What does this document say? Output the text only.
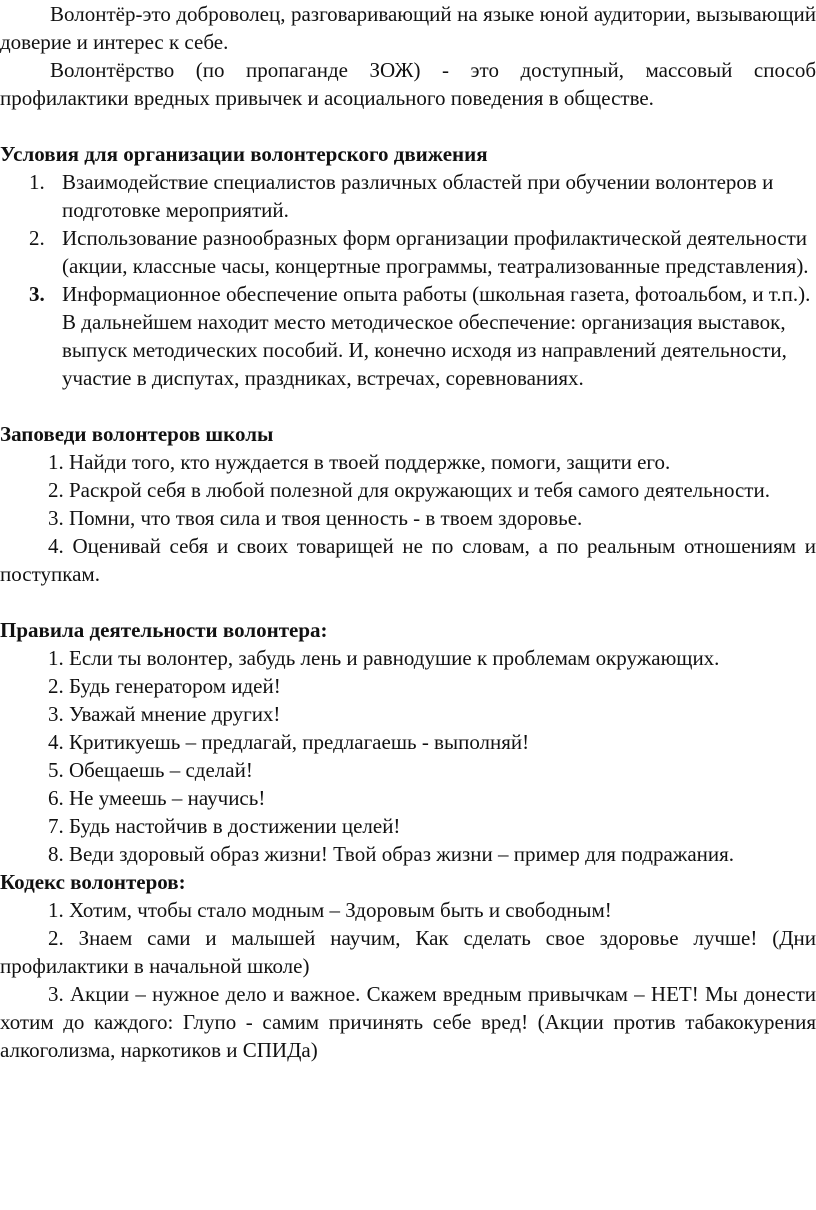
Волонтёр-это доброволец, разговаривающий на языке юной аудитории, вызывающий доверие и интерес к себе.

Волонтёрство (по пропаганде ЗОЖ) - это доступный, массовый способ профилактики вредных привычек и асоциального поведения в обществе.

Условия для организации волонтерского движения

1. Взаимодействие специалистов различных областей при обучении волонтеров и подготовке мероприятий.
2. Использование разнообразных форм организации профилактической деятельности (акции, классные часы, концертные программы, театрализованные представления).
3. Информационное обеспечение опыта работы (школьная газета, фотоальбом, и т.п.). В дальнейшем находит место методическое обеспечение: организация выставок, выпуск методических пособий. И, конечно исходя из направлений деятельности, участие в диспутах, праздниках, встречах, соревнованиях.

Заповеди волонтеров школы

1. Найди того, кто нуждается в твоей поддержке, помоги, защити его.
2. Раскрой себя в любой полезной для окружающих и тебя самого деятельности.
3. Помни, что твоя сила и твоя ценность - в твоем здоровье.
4. Оценивай себя и своих товарищей не по словам, а по реальным отношениям и поступкам.

Правила деятельности волонтера:

1. Если ты волонтер, забудь лень и равнодушие к проблемам окружающих.
2. Будь генератором идей!
3. Уважай мнение других!
4. Критикуешь – предлагай, предлагаешь - выполняй!
5. Обещаешь – сделай!
6. Не умеешь – научись!
7. Будь настойчив в достижении целей!
8. Веди здоровый образ жизни! Твой образ жизни – пример для подражания.

Кодекс волонтеров:

1. Хотим, чтобы стало модным – Здоровым быть и свободным!
2. Знаем сами и малышей научим, Как сделать свое здоровье лучше! (Дни профилактики в начальной школе)
3. Акции – нужное дело и важное. Скажем вредным привычкам – НЕТ! Мы донести хотим до каждого: Глупо - самим причинять себе вред! (Акции против табакокурения алкоголизма, наркотиков и СПИДа)
